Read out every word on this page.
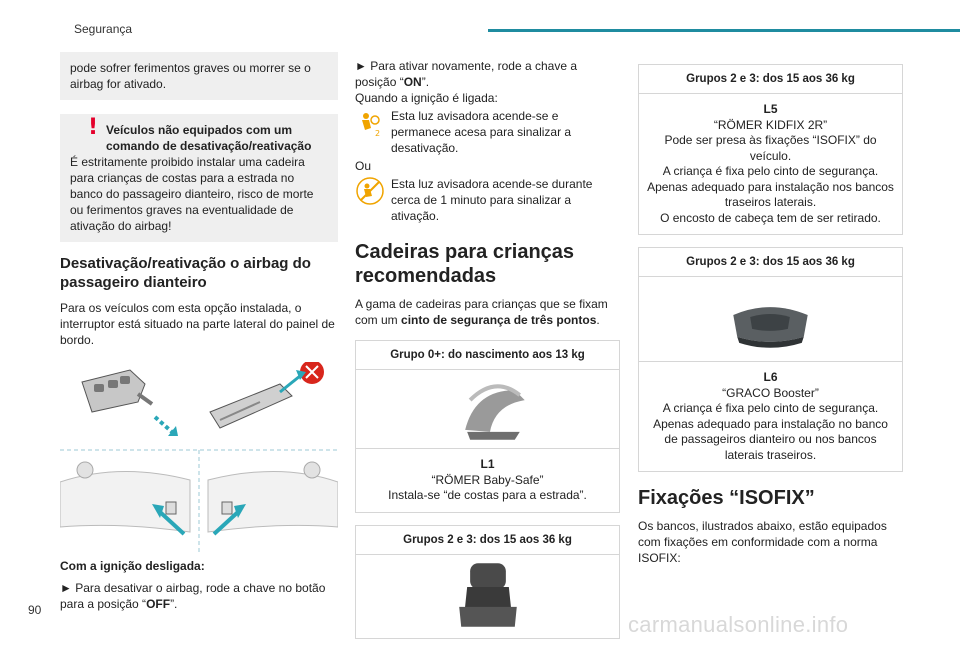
Segurança
pode sofrer ferimentos graves ou morrer se o airbag for ativado.
! Veículos não equipados com um comando de desativação/reativação
É estritamente proibido instalar uma cadeira para crianças de costas para a estrada no banco do passageiro dianteiro, risco de morte ou ferimentos graves na eventualidade de ativação do airbag!
Desativação/reativação o airbag do passageiro dianteiro

Para os veículos com esta opção instalada, o interruptor está situado na parte lateral do painel de bordo.

Com a ignição desligada:

► Para desativar o airbag, rode a chave no botão para a posição “OFF”.

► Para ativar novamente, rode a chave a posição “ON”.

Quando a ignição é ligada:

2
Esta luz avisadora acende-se e permanece acesa para sinalizar a desativação.

Ou

Esta luz avisadora acende-se durante cerca de 1 minuto para sinalizar a ativação.
Cadeiras para crianças recomendadas

A gama de cadeiras para crianças que se fixam com um cinto de segurança de três pontos.

Grupo 0+: do nascimento aos 13 kg
L1
“RÖMER Baby-Safe”
Instala-se “de costas para a estrada”.
Grupos 2 e 3: dos 15 aos 36 kg
Grupos 2 e 3: dos 15 aos 36 kg
L5
“RÖMER KIDFIX 2R”
Pode ser presa às fixações “ISOFIX” do veículo.
A criança é fixa pelo cinto de segurança.
Apenas adequado para instalação nos bancos traseiros laterais.
O encosto de cabeça tem de ser retirado.
Grupos 2 e 3: dos 15 aos 36 kg
L6
“GRACO Booster”
A criança é fixa pelo cinto de segurança.
Apenas adequado para instalação no banco de passageiros dianteiro ou nos bancos laterais traseiros.
Fixações “ISOFIX”

Os bancos, ilustrados abaixo, estão equipados com fixações em conformidade com a norma ISOFIX:

90
carmanualsonline.info
